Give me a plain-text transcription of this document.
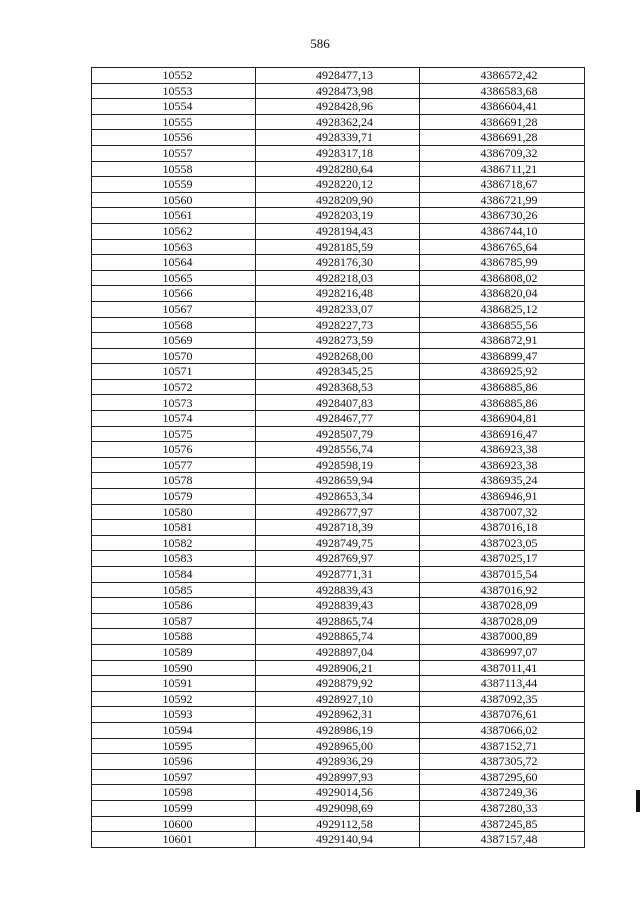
586
10552	4928477,13	4386572,42
10553	4928473,98	4386583,68
10554	4928428,96	4386604,41
10555	4928362,24	4386691,28
10556	4928339,71	4386691,28
10557	4928317,18	4386709,32
10558	4928280,64	4386711,21
10559	4928220,12	4386718,67
10560	4928209,90	4386721,99
10561	4928203,19	4386730,26
10562	4928194,43	4386744,10
10563	4928185,59	4386765,64
10564	4928176,30	4386785,99
10565	4928218,03	4386808,02
10566	4928216,48	4386820,04
10567	4928233,07	4386825,12
10568	4928227,73	4386855,56
10569	4928273,59	4386872,91
10570	4928268,00	4386899,47
10571	4928345,25	4386925,92
10572	4928368,53	4386885,86
10573	4928407,83	4386885,86
10574	4928467,77	4386904,81
10575	4928507,79	4386916,47
10576	4928556,74	4386923,38
10577	4928598,19	4386923,38
10578	4928659,94	4386935,24
10579	4928653,34	4386946,91
10580	4928677,97	4387007,32
10581	4928718,39	4387016,18
10582	4928749,75	4387023,05
10583	4928769,97	4387025,17
10584	4928771,31	4387015,54
10585	4928839,43	4387016,92
10586	4928839,43	4387028,09
10587	4928865,74	4387028,09
10588	4928865,74	4387000,89
10589	4928897,04	4386997,07
10590	4928906,21	4387011,41
10591	4928879,92	4387113,44
10592	4928927,10	4387092,35
10593	4928962,31	4387076,61
10594	4928986,19	4387066,02
10595	4928965,00	4387152,71
10596	4928936,29	4387305,72
10597	4928997,93	4387295,60
10598	4929014,56	4387249,36
10599	4929098,69	4387280,33
10600	4929112,58	4387245,85
10601	4929140,94	4387157,48
